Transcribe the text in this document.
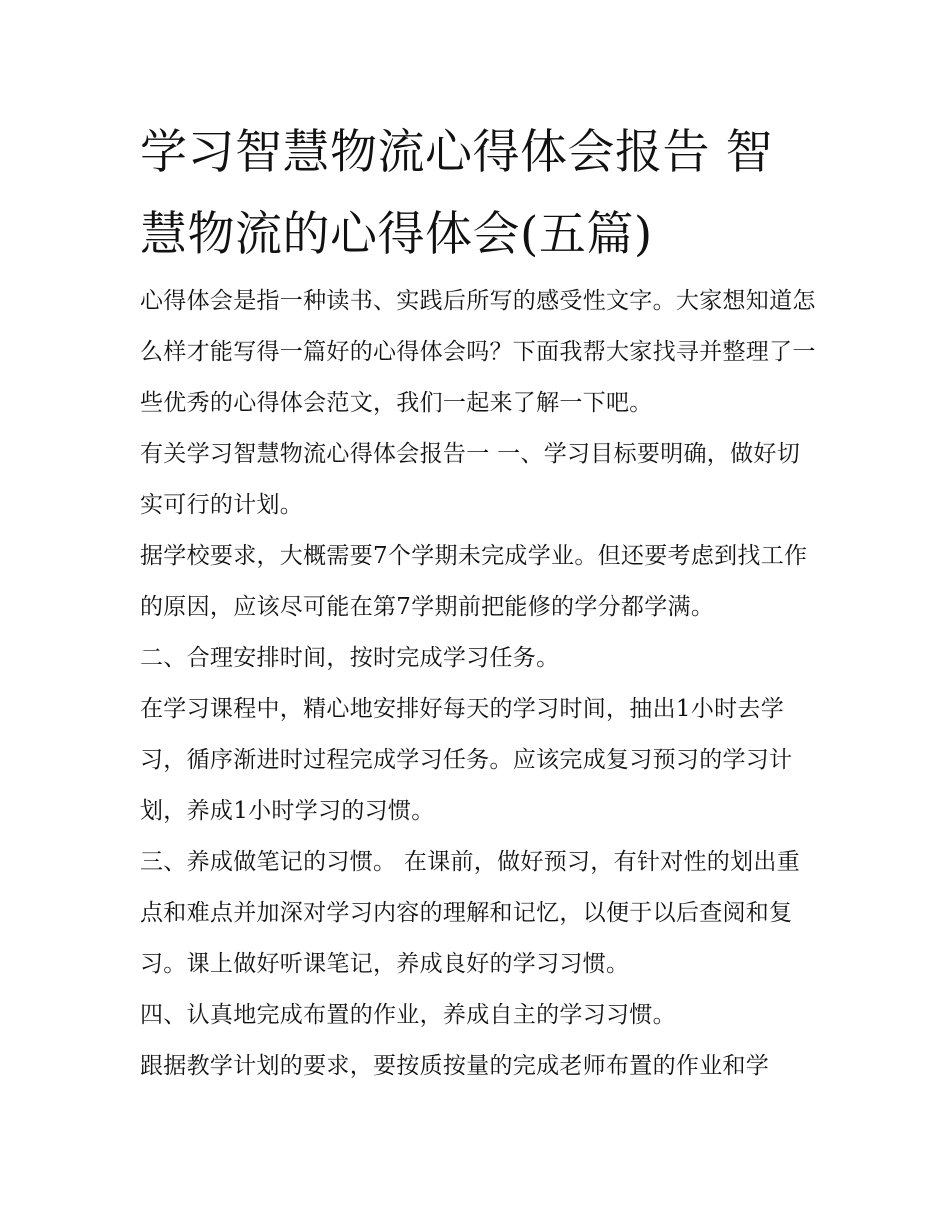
学习智慧物流心得体会报告 智慧物流的心得体会(五篇)

心得体会是指一种读书、实践后所写的感受性文字。大家想知道怎么样才能写得一篇好的心得体会吗？下面我帮大家找寻并整理了一些优秀的心得体会范文，我们一起来了解一下吧。

有关学习智慧物流心得体会报告一 一、学习目标要明确，做好切实可行的计划。

据学校要求，大概需要7个学期未完成学业。但还要考虑到找工作的原因，应该尽可能在第7学期前把能修的学分都学满。

二、合理安排时间，按时完成学习任务。

在学习课程中，精心地安排好每天的学习时间，抽出1小时去学习，循序渐进时过程完成学习任务。应该完成复习预习的学习计划，养成1小时学习的习惯。

三、养成做笔记的习惯。 在课前，做好预习，有针对性的划出重点和难点并加深对学习内容的理解和记忆，以便于以后查阅和复习。课上做好听课笔记，养成良好的学习习惯。

四、认真地完成布置的作业，养成自主的学习习惯。

跟据教学计划的要求，要按质按量的完成老师布置的作业和学
